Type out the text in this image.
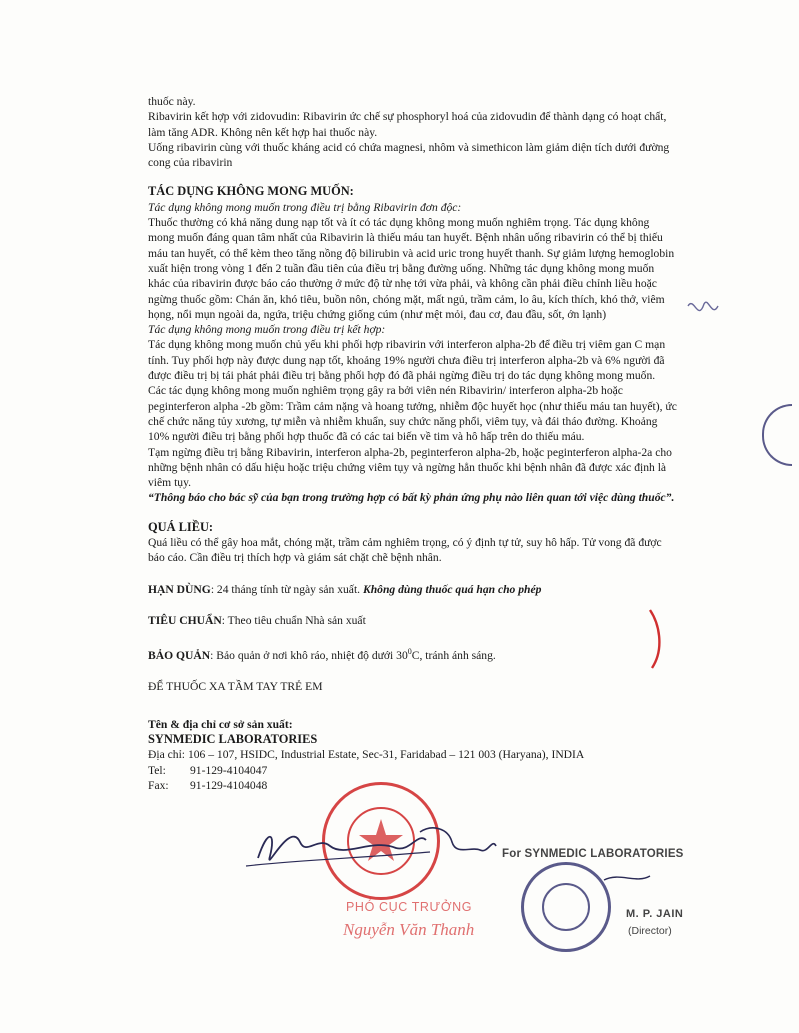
thuốc này.

Ribavirin kết hợp với zidovudin: Ribavirin ức chế sự phosphoryl hoá của zidovudin để thành dạng có hoạt chất, làm tăng ADR. Không nên kết hợp hai thuốc này.

Uống ribavirin cùng với thuốc kháng acid có chứa magnesi, nhôm và simethicon làm giảm diện tích dưới đường cong của ribavirin

TÁC DỤNG KHÔNG MONG MUỐN:

Tác dụng không mong muốn trong điều trị bằng Ribavirin đơn độc:

Thuốc thường có khả năng dung nạp tốt và ít có tác dụng không mong muốn nghiêm trọng. Tác dụng không mong muốn đáng quan tâm nhất của Ribavirin là thiếu máu tan huyết. Bệnh nhân uống ribavirin có thể bị thiếu máu tan huyết, có thể kèm theo tăng nồng độ bilirubin và acid uric trong huyết thanh. Sự giảm lượng hemoglobin xuất hiện trong vòng 1 đến 2 tuần đầu tiên của điều trị bằng đường uống. Những tác dụng không mong muốn khác của ribavirin được báo cáo thường ở mức độ từ nhẹ tới vừa phải, và không cần phải điều chỉnh liều hoặc ngừng thuốc gồm: Chán ăn, khó tiêu, buồn nôn, chóng mặt, mất ngủ, trầm cảm, lo âu, kích thích, khó thở, viêm họng, nổi mụn ngoài da, ngứa, triệu chứng giống cúm (như mệt mỏi, đau cơ, đau đầu, sốt, ớn lạnh)

Tác dụng không mong muốn trong điều trị kết hợp:

Tác dụng không mong muốn chủ yếu khi phối hợp ribavirin với interferon alpha-2b để điều trị viêm gan C mạn tính. Tuy phối hợp này được dung nạp tốt, khoảng 19% người chưa điều trị interferon alpha-2b và 6% người đã được điều trị bị tái phát phải điều trị bằng phối hợp đó đã phải ngừng điều trị do tác dụng không mong muốn.

Các tác dụng không mong muốn nghiêm trọng gây ra bởi viên nén Ribavirin/ interferon alpha-2b hoặc peginterferon alpha -2b gồm: Trầm cảm nặng và hoang tưởng, nhiễm độc huyết học (như thiếu máu tan huyết), ức chế chức năng tủy xương, tự miễn và nhiễm khuẩn, suy chức năng phổi, viêm tụy, và đái tháo đường. Khoảng 10% người điều trị bằng phối hợp thuốc đã có các tai biến về tim và hô hấp trên do thiếu máu.

Tạm ngừng điều trị bằng Ribavirin, interferon alpha-2b, peginterferon alpha-2b, hoặc peginterferon alpha-2a cho những bệnh nhân có dấu hiệu hoặc triệu chứng viêm tụy và ngừng hẳn thuốc khi bệnh nhân đã được xác định là viêm tụy.

“Thông báo cho bác sỹ của bạn trong trường hợp có bất kỳ phản ứng phụ nào liên quan tới việc dùng thuốc”.

QUÁ LIỀU:

Quá liều có thể gây hoa mắt, chóng mặt, trầm cảm nghiêm trọng, có ý định tự tử, suy hô hấp. Tử vong đã được báo cáo. Cần điều trị thích hợp và giám sát chặt chẽ bệnh nhân.

HẠN DÙNG: 24 tháng tính từ ngày sản xuất. Không dùng thuốc quá hạn cho phép

TIÊU CHUẨN: Theo tiêu chuẩn Nhà sản xuất

BẢO QUẢN: Bảo quản ở nơi khô ráo, nhiệt độ dưới $30^0C$, tránh ánh sáng.

ĐỂ THUỐC XA TẦM TAY TRẺ EM

Tên & địa chỉ cơ sở sản xuất:

SYNMEDIC LABORATORIES

Địa chỉ: 106 – 107, HSIDC, Industrial Estate, Sec-31, Faridabad – 121 003 (Haryana), INDIA

Tel:	91-129-4104047
Fax:	91-129-4104048
For SYNMEDIC LABORATORIES
M. P. JAIN
(Director)
PHÓ CỤC TRƯỞNG
Nguyễn Văn Thanh
